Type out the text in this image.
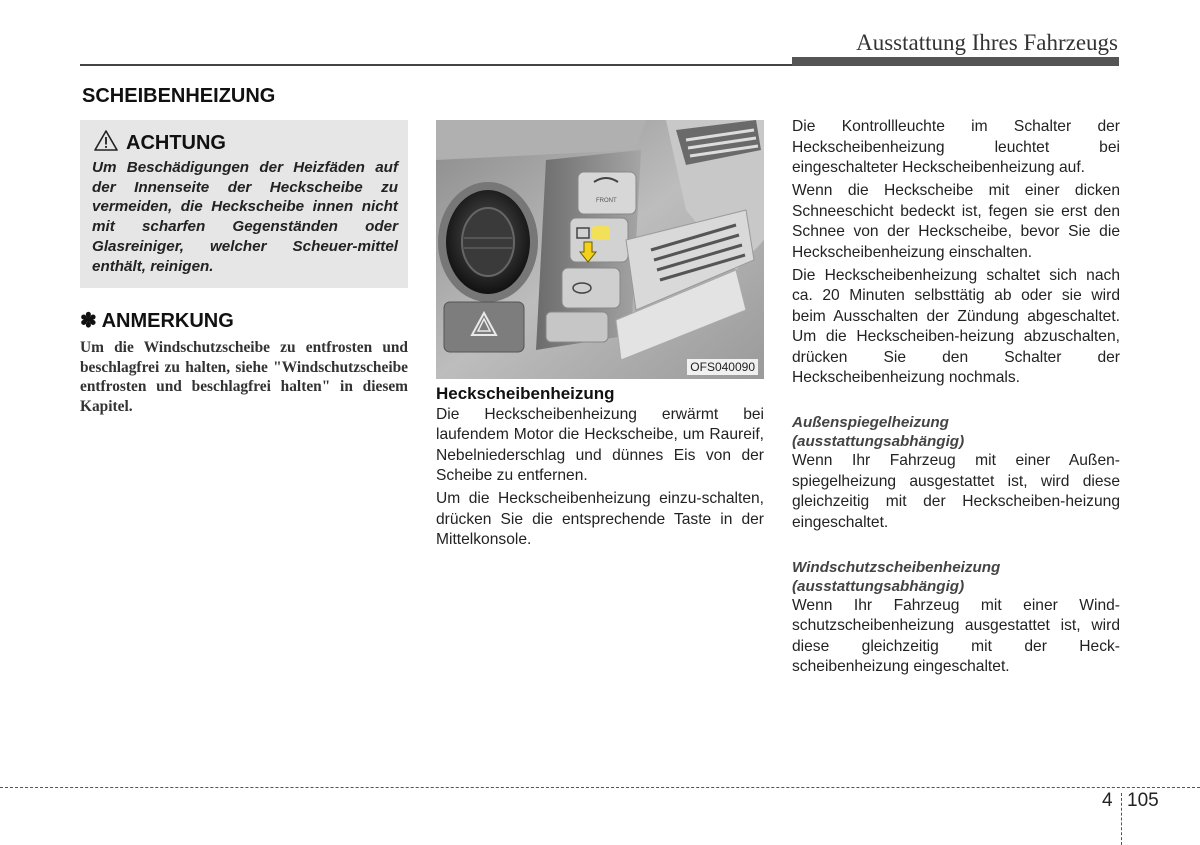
Ausstattung Ihres Fahrzeugs
SCHEIBENHEIZUNG
ACHTUNG
Um Beschädigungen der Heizfäden auf der Innenseite der Heckscheibe zu vermeiden, die Heckscheibe innen nicht mit scharfen Gegenständen oder Glasreiniger, welcher Scheuer-mittel enthält, reinigen.
✽ ANMERKUNG
Um die Windschutzscheibe zu entfrosten und beschlagfrei zu halten, siehe "Windschutzscheibe entfrosten und beschlagfrei halten" in diesem Kapitel.
FRONT
OFS040090
Heckscheibenheizung

Die Heckscheibenheizung erwärmt bei laufendem Motor die Heckscheibe, um Raureif, Nebelniederschlag und dünnes Eis von der Scheibe zu entfernen.

Um die Heckscheibenheizung einzu-schalten, drücken Sie die entsprechende Taste in der Mittelkonsole.

Die Kontrollleuchte im Schalter der Heckscheibenheizung leuchtet bei eingeschalteter Heckscheibenheizung auf.

Wenn die Heckscheibe mit einer dicken Schneeschicht bedeckt ist, fegen sie erst den Schnee von der Heckscheibe, bevor Sie die Heckscheibenheizung einschalten.

Die Heckscheibenheizung schaltet sich nach ca. 20 Minuten selbsttätig ab oder sie wird beim Ausschalten der Zündung abgeschaltet. Um die Heckscheiben-heizung abzuschalten, drücken Sie den Schalter der Heckscheibenheizung nochmals.

Außenspiegelheizung
(ausstattungsabhängig)

Wenn Ihr Fahrzeug mit einer Außen-spiegelheizung ausgestattet ist, wird diese gleichzeitig mit der Heckscheiben-heizung eingeschaltet.

Windschutzscheibenheizung
(ausstattungsabhängig)

Wenn Ihr Fahrzeug mit einer Wind-schutzscheibenheizung ausgestattet ist, wird diese gleichzeitig mit der Heck-scheibenheizung eingeschaltet.

4 105
